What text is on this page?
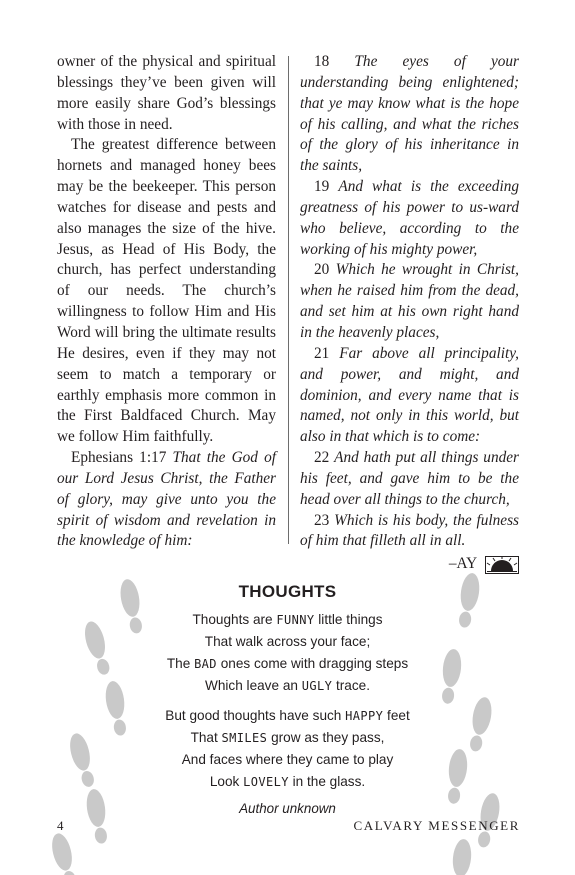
owner of the physical and spiritual blessings they’ve been given will more easily share God’s blessings with those in need.

The greatest difference between hornets and managed honey bees may be the beekeeper. This person watches for disease and pests and also manages the size of the hive. Jesus, as Head of His Body, the church, has perfect understanding of our needs. The church’s willingness to follow Him and His Word will bring the ultimate results He desires, even if they may not seem to match a temporary or earthly emphasis more common in the First Baldfaced Church. May we follow Him faithfully.

Ephesians 1:17 That the God of our Lord Jesus Christ, the Father of glory, may give unto you the spirit of wisdom and revelation in the knowledge of him:

18 The eyes of your understanding being enlightened; that ye may know what is the hope of his calling, and what the riches of the glory of his inheritance in the saints,

19 And what is the exceeding greatness of his power to us-ward who believe, according to the working of his mighty power,

20 Which he wrought in Christ, when he raised him from the dead, and set him at his own right hand in the heavenly places,

21 Far above all principality, and power, and might, and dominion, and every name that is named, not only in this world, but also in that which is to come:

22 And hath put all things under his feet, and gave him to be the head over all things to the church,

23 Which is his body, the fulness of him that filleth all in all.

–AY
THOUGHTS
Thoughts are FUNNY little things
That walk across your face;
The BAD ones come with dragging steps
Which leave an UGLY trace.
But good thoughts have such HAPPY feet
That SMILES grow as they pass,
And faces where they came to play
Look LOVELY in the glass.
Author unknown
4	CALVARY MESSENGER
